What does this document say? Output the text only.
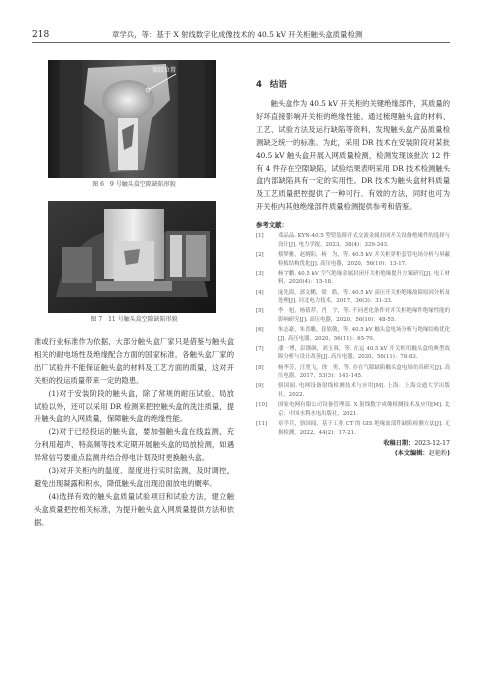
218	章学兵，等：基于 X 射线数字化成像技术的 40.5 kV 开关柜触头盒质量检测
裂纹位置
图 6　9 号触头盒空隙缺陷形貌
图 7　11 号触头盒空隙缺陷形貌

准或行业标准作为依据，大部分触头盒厂家只是借鉴与触头盒相关的耐电场性及绝缘配合方面的国家标准，各触头盒厂家的出厂试验并不能保证触头盒的材料及工艺方面的质量，这对开关柜的投运质量带来一定的隐患。

(1)对于安装阶段的触头盒，除了常规的耐压试验、局放试验以外，还可以采用 DR 检测来把控触头盒的洗注质量，提升触头盒的入网质量，保障触头盒的绝缘性能。

(2)对于已经投运的触头盒，要加强触头盒在线监测，充分利用超声、特高频等技术定期开展触头盒的局放检测，如遇异常信号要重点监测并结合停电计划及时更换触头盒。

(3)对开关柜内的温度、湿度进行实时监测，及时调控，避免出现凝露和积水，降低触头盒出现沿面放电的概率。

(4)选择有效的触头盒质量试验项目和试验方法，建立触头盒质量把控相关标准，为提升触头盒入网质量提供方法和依据。

4 结语

触头盒作为 40.5 kV 开关柜的关键绝缘部件，其质量的好坏直接影响开关柜的绝缘性能。通过梳理触头盒的材料、工艺、试验方法及运行缺陷等资料，发现触头盒产品质量检测缺乏统一的标准。为此，采用 DR 技术在安装阶段对某批 40.5 kV 触头盒开展入网质量检测，检测发现该批次 12 件有 4 件存在空隙缺陷，试验结果表明采用 DR 技术检测触头盒内部缺陷具有一定的实用性。DR 技术为触头盒材料质量及工艺质量把控提供了一种可行、有效的方法，同时也可为开关柜内其他绝缘部件质量检测提供参考和借鉴。

参考文献：
[1]	邓品品. KYN-40.5 型铠装移开式交流金属封闭开关设备绝缘件的选择与设计[J]. 电力学报，2023，38(4)：329-343.
[2]	蔡梦雅，赵炳阳，杨　为，等. 40.5 kV 开关柜穿柜套管电场分析与屏蔽检板结构优化[J]. 高压电器，2020，56(10)：13-17.
[3]	杨宇鹏. 40.5 kV 空气绝缘金属封闭开关柜绝缘提升方案研究[J]. 电工材料，2020(4)：15-18.
[4]	庞先海，郭文鹏，梁　皓，等. 40.5 kV 高压开关柜绝缘故障原因分析及处理[J]. 河北电力技术，2017，36(3)：31-33.
[5]	李　旭，杨倩荐，肖　宇，等. 不同老化条件对开关柜绝缘件绝缘性能的影响研究[J]. 高压电器，2020，56(10)：48-55.
[6]	朱志豪，朱喜雕，崔软敬，等. 40.5 kV 触头盒电场分析与绝缘结构优化[J]. 高压电器，2020，56(11)：65-70.
[7]	潘一博，彭钢颜，刘玉蓉，等. 在运 40.5 kV 开关柜用触头盒的典型故障分析与设计改善[J]. 高压电器，2020，56(11)：78-83.
[8]	杨李芳，汪宽飞，徐　勇，等. 存在气隙缺陷触头盒电场仿真研究[J]. 高压电器，2017，53(3)：141-145.
[9]	骆国闻. 电网设备射线检测技术与应用[M]. 上海：上海交通大学出版社，2022.
[10] 国家电网有限公司设备管理部. X 射线数字成像检测技术及应用[M]. 北京：中国水利水电出版社，2021.
[11] 章学兵，骆国闻，基于工业 CT 的 GIS 绝缘盆部件缺陷检测方法[J]. 无损检测，2022，44(2)：17-21.
收稿日期：2023-12-17
(本文编辑：赵艳粉)
